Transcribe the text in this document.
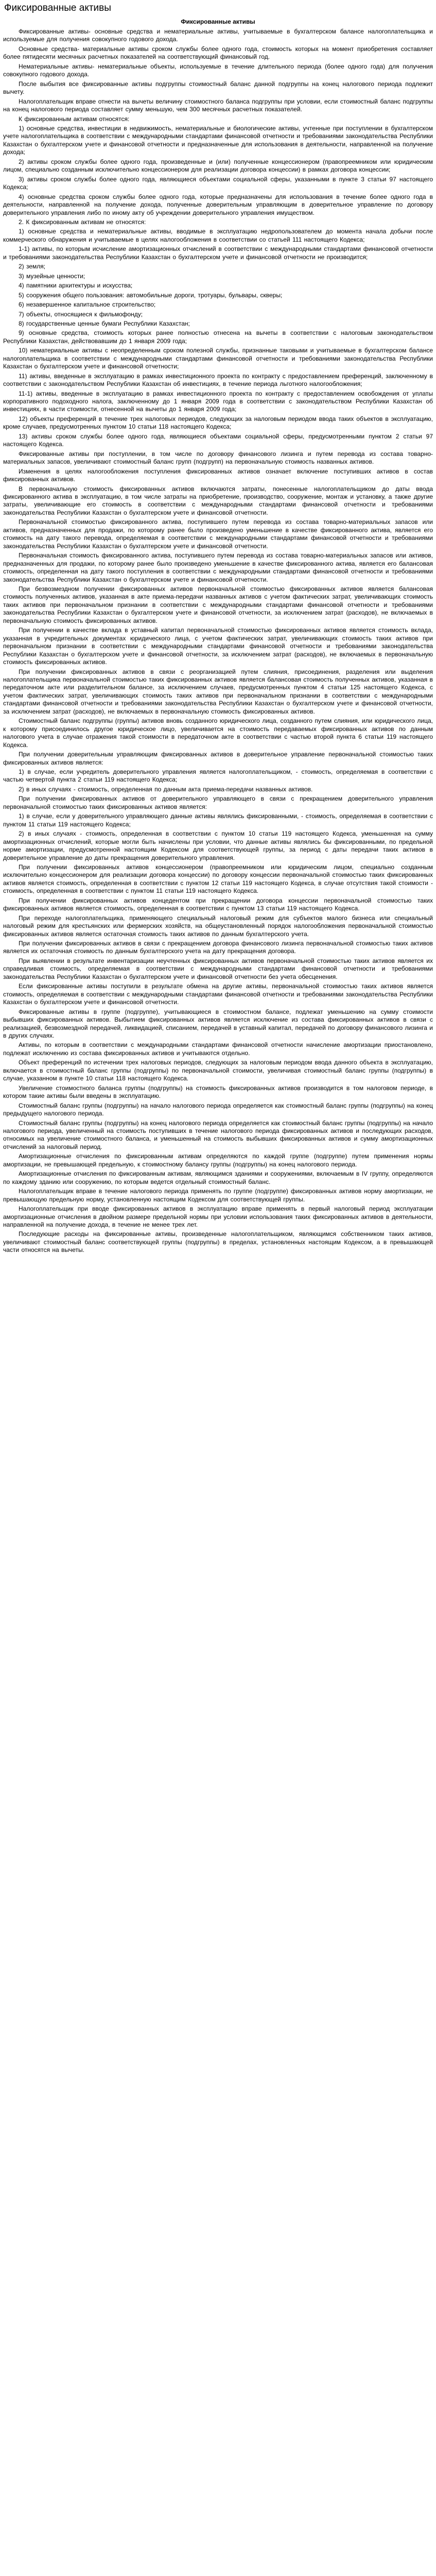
Фиксированные активы
Фиксированные активы

Фиксированные активы- основные средства и нематериальные активы, учитываемые в бухгалтерском балансе налогоплательщика и используемые для получения совокупного годового дохода.

Основные средства- материальные активы сроком службы более одного года, стоимость которых на момент приобретения составляет более пятидесяти месячных расчетных показателей на соответствующий финансовый год.

Нематериальные активы- нематериальные объекты, используемые в течение длительного периода (более одного года) для получения совокупного годового дохода.

После выбытия все фиксированные активы подгруппы стоимостный баланс данной подгруппы на конец налогового периода подлежит вычету.

Налогоплательщик вправе отнести на вычеты величину стоимостного баланса подгруппы при условии, если стоимостный баланс подгруппы на конец налогового периода составляет сумму меньшую, чем 300 месячных расчетных показателей.

К фиксированным активам относятся:

1) основные средства, инвестиции в недвижимость, нематериальные и биологические активы, учтенные при поступлении в бухгалтерском учете налогоплательщика в соответствии с международными стандартами финансовой отчетности и требованиями законодательства Республики Казахстан о бухгалтерском учете и финансовой отчетности и предназначенные для использования в деятельности, направленной на получение дохода;

2) активы сроком службы более одного года, произведенные и (или) полученные концессионером (правопреемником или юридическим лицом, специально созданным исключительно концессионером для реализации договора концессии) в рамках договора концессии;

3) активы сроком службы более одного года, являющиеся объектами социальной сферы, указанными в пункте 3 статьи 97 настоящего Кодекса;

4) основные средства сроком службы более одного года, которые предназначены для использования в течение более одного года в деятельности, направленной на получение дохода, полученные доверительным управляющим в доверительное управление по договору доверительного управления либо по иному акту об учреждении доверительного управления имуществом.

2. К фиксированным активам не относятся:

1) основные средства и нематериальные активы, вводимые в эксплуатацию недропользователем до момента начала добычи после коммерческого обнаружения и учитываемые в целях налогообложения в соответствии со статьей 111 настоящего Кодекса;

1-1) активы, по которым исчисление амортизационных отчислений в соответствии с международными стандартами финансовой отчетности и требованиями законодательства Республики Казахстан о бухгалтерском учете и финансовой отчетности не производится;

2) земля;

3) музейные ценности;

4) памятники архитектуры и искусства;

5) сооружения общего пользования: автомобильные дороги, тротуары, бульвары, скверы;

6) незавершенное капитальное строительство;

7) объекты, относящиеся к фильмофонду;

8) государственные ценные бумаги Республики Казахстан;

9) основные средства, стоимость которых ранее полностью отнесена на вычеты в соответствии с налоговым законодательством Республики Казахстан, действовавшим до 1 января 2009 года;

10) нематериальные активы с неопределенным сроком полезной службы, признанные таковыми и учитываемые в бухгалтерском балансе налогоплательщика в соответствии с международными стандартами финансовой отчетности и требованиями законодательства Республики Казахстан о бухгалтерском учете и финансовой отчетности;

11) активы, введенные в эксплуатацию в рамках инвестиционного проекта по контракту с предоставлением преференций, заключенному в соответствии с законодательством Республики Казахстан об инвестициях, в течение периода льготного налогообложения;

11-1) активы, введенные в эксплуатацию в рамках инвестиционного проекта по контракту с предоставлением освобождения от уплаты корпоративного подоходного налога, заключенному до 1 января 2009 года в соответствии с законодательством Республики Казахстан об инвестициях, в части стоимости, отнесенной на вычеты до 1 января 2009 года;

12) объекты преференций в течение трех налоговых периодов, следующих за налоговым периодом ввода таких объектов в эксплуатацию, кроме случаев, предусмотренных пунктом 10 статьи 118 настоящего Кодекса;

13) активы сроком службы более одного года, являющиеся объектами социальной сферы, предусмотренными пунктом 2 статьи 97 настоящего Кодекса.

Фиксированные активы при поступлении, в том числе по договору финансового лизинга и путем перевода из состава товарно-материальных запасов, увеличивают стоимостный баланс групп (подгрупп) на первоначальную стоимость названных активов.

Изменения в целях налогообложения поступления фиксированных активов означает включение поступивших активов в состав фиксированных активов.

В первоначальную стоимость фиксированных активов включаются затраты, понесенные налогоплательщиком до даты ввода фиксированного актива в эксплуатацию, в том числе затраты на приобретение, производство, сооружение, монтаж и установку, а также другие затраты, увеличивающие его стоимость в соответствии с международными стандартами финансовой отчетности и требованиями законодательства Республики Казахстан о бухгалтерском учете и финансовой отчетности.

Первоначальной стоимостью фиксированного актива, поступившего путем перевода из состава товарно-материальных запасов или активов, предназначенных для продажи, по которому ранее было произведено уменьшение в качестве фиксированного актива, является его стоимость на дату такого перевода, определяемая в соответствии с международными стандартами финансовой отчетности и требованиями законодательства Республики Казахстан о бухгалтерском учете и финансовой отчетности.

Первоначальная стоимость фиксированного актива, поступившего путем перевода из состава товарно-материальных запасов или активов, предназначенных для продажи, по которому ранее было произведено уменьшение в качестве фиксированного актива, является его балансовая стоимость, определенная на дату такого поступления в соответствии с международными стандартами финансовой отчетности и требованиями законодательства Республики Казахстан о бухгалтерском учете и финансовой отчетности.

При безвозмездном получении фиксированных активов первоначальной стоимостью фиксированных активов является балансовая стоимость полученных активов, указанная в акте приема-передачи названных активов с учетом фактических затрат, увеличивающих стоимость таких активов при первоначальном признании в соответствии с международными стандартами финансовой отчетности и требованиями законодательства Республики Казахстан о бухгалтерском учете и финансовой отчетности, за исключением затрат (расходов), не включаемых в первоначальную стоимость фиксированных активов.

При получении в качестве вклада в уставный капитал первоначальной стоимостью фиксированных активов является стоимость вклада, указанная в учредительных документах юридического лица, с учетом фактических затрат, увеличивающих стоимость таких активов при первоначальном признании в соответствии с международными стандартами финансовой отчетности и требованиями законодательства Республики Казахстан о бухгалтерском учете и финансовой отчетности, за исключением затрат (расходов), не включаемых в первоначальную стоимость фиксированных активов.

При получении фиксированных активов в связи с реорганизацией путем слияния, присоединения, разделения или выделения налогоплательщика первоначальной стоимостью таких фиксированных активов является балансовая стоимость полученных активов, указанная в передаточном акте или разделительном балансе, за исключением случаев, предусмотренных пунктом 4 статьи 125 настоящего Кодекса, с учетом фактических затрат, увеличивающих стоимость таких активов при первоначальном признании в соответствии с международными стандартами финансовой отчетности и требованиями законодательства Республики Казахстан о бухгалтерском учете и финансовой отчетности, за исключением затрат (расходов), не включаемых в первоначальную стоимость фиксированных активов.

Стоимостный баланс подгруппы (группы) активов вновь созданного юридического лица, созданного путем слияния, или юридического лица, к которому присоединилось другое юридическое лицо, увеличивается на стоимость передаваемых фиксированных активов по данным налогового учета в случае отражения такой стоимости в передаточном акте в соответствии с частью второй пункта 6 статьи 119 настоящего Кодекса.

При получении доверительным управляющим фиксированных активов в доверительное управление первоначальной стоимостью таких фиксированных активов является:

1) в случае, если учредитель доверительного управления является налогоплательщиком, - стоимость, определяемая в соответствии с частью четвертой пункта 2 статьи 119 настоящего Кодекса;

2) в иных случаях - стоимость, определенная по данным акта приема-передачи названных активов.

При получении фиксированных активов от доверительного управляющего в связи с прекращением доверительного управления первоначальной стоимостью таких фиксированных активов является:

1) в случае, если у доверительного управляющего данные активы являлись фиксированными, - стоимость, определяемая в соответствии с пунктом 11 статьи 119 настоящего Кодекса;

2) в иных случаях - стоимость, определенная в соответствии с пунктом 10 статьи 119 настоящего Кодекса, уменьшенная на сумму амортизационных отчислений, которые могли быть начислены при условии, что данные активы являлись бы фиксированными, по предельной норме амортизации, предусмотренной настоящим Кодексом для соответствующей группы, за период с даты передачи таких активов в доверительное управление до даты прекращения доверительного управления.

При получении фиксированных активов концессионером (правопреемником или юридическим лицом, специально созданным исключительно концессионером для реализации договора концессии) по договору концессии первоначальной стоимостью таких фиксированных активов является стоимость, определенная в соответствии с пунктом 12 статьи 119 настоящего Кодекса, в случае отсутствия такой стоимости - стоимость, определенная в соответствии с пунктом 11 статьи 119 настоящего Кодекса.

При получении фиксированных активов концедентом при прекращении договора концессии первоначальной стоимостью таких фиксированных активов является стоимость, определенная в соответствии с пунктом 13 статьи 119 настоящего Кодекса.

При переходе налогоплательщика, применяющего специальный налоговый режим для субъектов малого бизнеса или специальный налоговый режим для крестьянских или фермерских хозяйств, на общеустановленный порядок налогообложения первоначальной стоимостью фиксированных активов является остаточная стоимость таких активов по данным бухгалтерского учета.

При получении фиксированных активов в связи с прекращением договора финансового лизинга первоначальной стоимостью таких активов является их остаточная стоимость по данным бухгалтерского учета на дату прекращения договора.

При выявлении в результате инвентаризации неучтенных фиксированных активов первоначальной стоимостью таких активов является их справедливая стоимость, определяемая в соответствии с международными стандартами финансовой отчетности и требованиями законодательства Республики Казахстан о бухгалтерском учете и финансовой отчетности без учета обесценения.

Если фиксированные активы поступили в результате обмена на другие активы, первоначальной стоимостью таких активов является стоимость, определяемая в соответствии с международными стандартами финансовой отчетности и требованиями законодательства Республики Казахстан о бухгалтерском учете и финансовой отчетности.

Фиксированные активы в группе (подгруппе), учитывающиеся в стоимостном балансе, подлежат уменьшению на сумму стоимости выбывших фиксированных активов. Выбытием фиксированных активов является исключение из состава фиксированных активов в связи с реализацией, безвозмездной передачей, ликвидацией, списанием, передачей в уставный капитал, передачей по договору финансового лизинга и в других случаях.

Активы, по которым в соответствии с международными стандартами финансовой отчетности начисление амортизации приостановлено, подлежат исключению из состава фиксированных активов и учитываются отдельно.

Объект преференций по истечении трех налоговых периодов, следующих за налоговым периодом ввода данного объекта в эксплуатацию, включается в стоимостный баланс группы (подгруппы) по первоначальной стоимости, увеличивая стоимостный баланс группы (подгруппы) в случае, указанном в пункте 10 статьи 118 настоящего Кодекса.

Увеличение стоимостного баланса группы (подгруппы) на стоимость фиксированных активов производится в том налоговом периоде, в котором такие активы были введены в эксплуатацию.

Стоимостный баланс группы (подгруппы) на начало налогового периода определяется как стоимостный баланс группы (подгруппы) на конец предыдущего налогового периода.

Стоимостный баланс группы (подгруппы) на конец налогового периода определяется как стоимостный баланс группы (подгруппы) на начало налогового периода, увеличенный на стоимость поступивших в течение налогового периода фиксированных активов и последующих расходов, относимых на увеличение стоимостного баланса, и уменьшенный на стоимость выбывших фиксированных активов и сумму амортизационных отчислений за налоговый период.

Амортизационные отчисления по фиксированным активам определяются по каждой группе (подгруппе) путем применения нормы амортизации, не превышающей предельную, к стоимостному балансу группы (подгруппы) на конец налогового периода.

Амортизационные отчисления по фиксированным активам, являющимся зданиями и сооружениями, включаемым в IV группу, определяются по каждому зданию или сооружению, по которым ведется отдельный стоимостный баланс.

Налогоплательщик вправе в течение налогового периода применять по группе (подгруппе) фиксированных активов норму амортизации, не превышающую предельную норму, установленную настоящим Кодексом для соответствующей группы.

Налогоплательщик при вводе фиксированных активов в эксплуатацию вправе применять в первый налоговый период эксплуатации амортизационные отчисления в двойном размере предельной нормы при условии использования таких фиксированных активов в деятельности, направленной на получение дохода, в течение не менее трех лет.

Последующие расходы на фиксированные активы, произведенные налогоплательщиком, являющимся собственником таких активов, увеличивают стоимостный баланс соответствующей группы (подгруппы) в пределах, установленных настоящим Кодексом, а в превышающей части относятся на вычеты.
